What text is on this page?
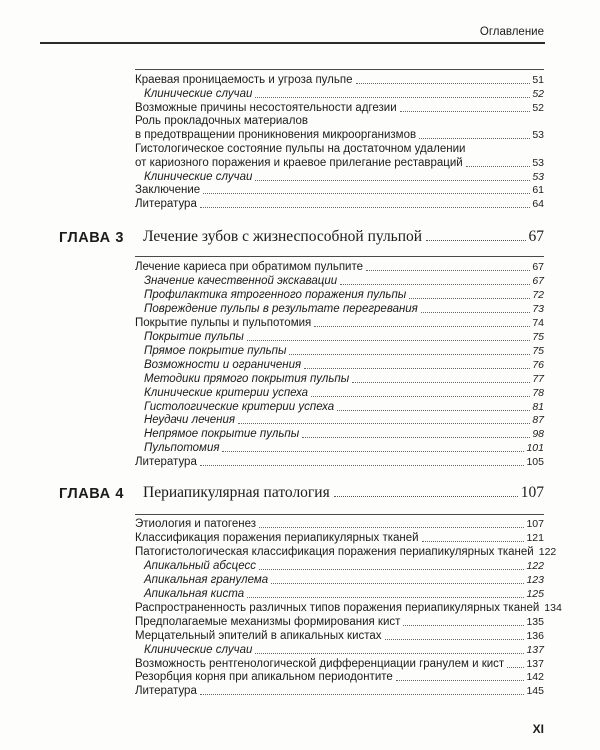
Оглавление
Краевая проницаемость и угроза пульпе	51
Клинические случаи	52
Возможные причины несостоятельности адгезии	52
Роль прокладочных материалов
в предотвращении проникновения микроорганизмов	53
Гистологическое состояние пульпы на достаточном удалении
от кариозного поражения и краевое прилегание реставраций	53
Клинические случаи	53
Заключение	61
Литература	64
ГЛАВА 3 Лечение зубов с жизнеспособной пульпой	67
Лечение кариеса при обратимом пульпите	67
Значение качественной экскавации	67
Профилактика ятрогенного поражения пульпы	72
Повреждение пульпы в результате перегревания	73
Покрытие пульпы и пульпотомия	74
Покрытие пульпы	75
Прямое покрытие пульпы	75
Возможности и ограничения	76
Методики прямого покрытия пульпы	77
Клинические критерии успеха	78
Гистологические критерии успеха	81
Неудачи лечения	87
Непрямое покрытие пульпы	98
Пульпотомия	101
Литература	105
ГЛАВА 4 Периапикулярная патология	107
Этиология и патогенез	107
Классификация поражения периапикулярных тканей	121
Патогистологическая классификация поражения периапикулярных тканей 122
Апикальный абсцесс	122
Апикальная гранулема	123
Апикальная киста	125
Распространенность различных типов поражения периапикулярных тканей 134
Предполагаемые механизмы формирования кист	135
Мерцательный эпителий в апикальных кистах	136
Клинические случаи	137
Возможность рентгенологической дифференциации гранулем и кист 137
Резорбция корня при апикальном периодонтите	142
Литература	145
XI
